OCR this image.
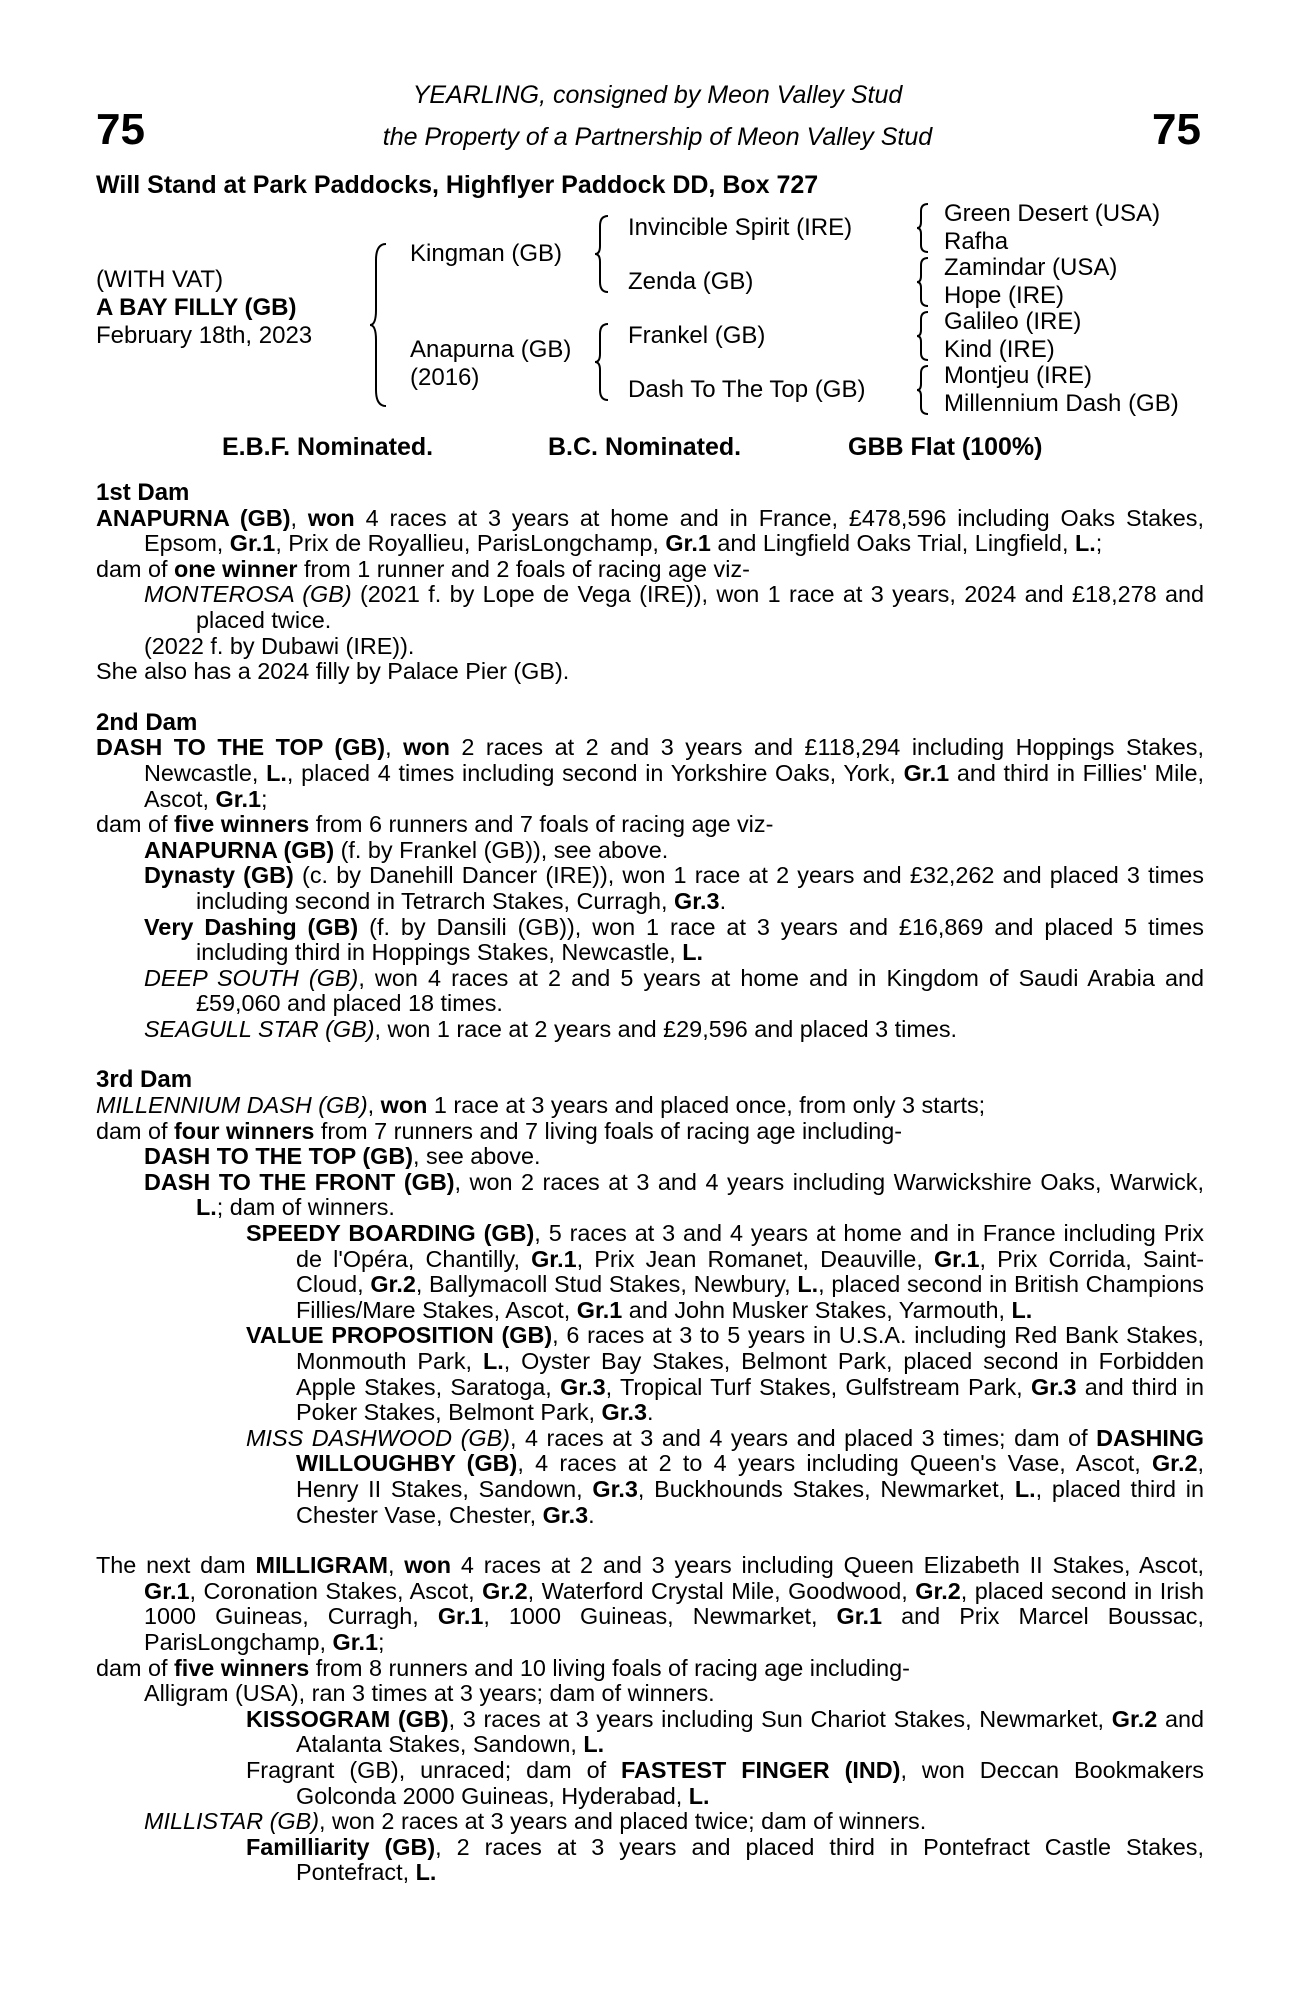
75	75
YEARLING, consigned by Meon Valley Stud
the Property of a Partnership of Meon Valley Stud
Will Stand at Park Paddocks, Highflyer Paddock DD, Box 727
(WITH VAT)
A BAY FILLY (GB)
February 18th, 2023
Kingman (GB)
Anapurna (GB)
(2016)
Invincible Spirit (IRE)
Zenda (GB)
Frankel (GB)
Dash To The Top (GB)
Green Desert (USA)
Rafha
Zamindar (USA)
Hope (IRE)
Galileo (IRE)
Kind (IRE)
Montjeu (IRE)
Millennium Dash (GB)
E.B.F. Nominated.	B.C. Nominated.	GBB Flat (100%)
1st Dam
ANAPURNA (GB), won 4 races at 3 years at home and in France, £478,596 including Oaks Stakes, Epsom, Gr.1, Prix de Royallieu, ParisLongchamp, Gr.1 and Lingfield Oaks Trial, Lingfield, L.;
dam of one winner from 1 runner and 2 foals of racing age viz-
MONTEROSA (GB) (2021 f. by Lope de Vega (IRE)), won 1 race at 3 years, 2024 and £18,278 and placed twice.
(2022 f. by Dubawi (IRE)).
She also has a 2024 filly by Palace Pier (GB).
2nd Dam
DASH TO THE TOP (GB), won 2 races at 2 and 3 years and £118,294 including Hoppings Stakes, Newcastle, L., placed 4 times including second in Yorkshire Oaks, York, Gr.1 and third in Fillies' Mile, Ascot, Gr.1;
dam of five winners from 6 runners and 7 foals of racing age viz-
ANAPURNA (GB) (f. by Frankel (GB)), see above.
Dynasty (GB) (c. by Danehill Dancer (IRE)), won 1 race at 2 years and £32,262 and placed 3 times including second in Tetrarch Stakes, Curragh, Gr.3.
Very Dashing (GB) (f. by Dansili (GB)), won 1 race at 3 years and £16,869 and placed 5 times including third in Hoppings Stakes, Newcastle, L.
DEEP SOUTH (GB), won 4 races at 2 and 5 years at home and in Kingdom of Saudi Arabia and £59,060 and placed 18 times.
SEAGULL STAR (GB), won 1 race at 2 years and £29,596 and placed 3 times.
3rd Dam
MILLENNIUM DASH (GB), won 1 race at 3 years and placed once, from only 3 starts;
dam of four winners from 7 runners and 7 living foals of racing age including-
DASH TO THE TOP (GB), see above.
DASH TO THE FRONT (GB), won 2 races at 3 and 4 years including Warwickshire Oaks, Warwick, L.; dam of winners.
SPEEDY BOARDING (GB), 5 races at 3 and 4 years at home and in France including Prix de l'Opéra, Chantilly, Gr.1, Prix Jean Romanet, Deauville, Gr.1, Prix Corrida, Saint-Cloud, Gr.2, Ballymacoll Stud Stakes, Newbury, L., placed second in British Champions Fillies/Mare Stakes, Ascot, Gr.1 and John Musker Stakes, Yarmouth, L.
VALUE PROPOSITION (GB), 6 races at 3 to 5 years in U.S.A. including Red Bank Stakes, Monmouth Park, L., Oyster Bay Stakes, Belmont Park, placed second in Forbidden Apple Stakes, Saratoga, Gr.3, Tropical Turf Stakes, Gulfstream Park, Gr.3 and third in Poker Stakes, Belmont Park, Gr.3.
MISS DASHWOOD (GB), 4 races at 3 and 4 years and placed 3 times; dam of DASHING WILLOUGHBY (GB), 4 races at 2 to 4 years including Queen's Vase, Ascot, Gr.2, Henry II Stakes, Sandown, Gr.3, Buckhounds Stakes, Newmarket, L., placed third in Chester Vase, Chester, Gr.3.
The next dam MILLIGRAM, won 4 races at 2 and 3 years including Queen Elizabeth II Stakes, Ascot, Gr.1, Coronation Stakes, Ascot, Gr.2, Waterford Crystal Mile, Goodwood, Gr.2, placed second in Irish 1000 Guineas, Curragh, Gr.1, 1000 Guineas, Newmarket, Gr.1 and Prix Marcel Boussac, ParisLongchamp, Gr.1;
dam of five winners from 8 runners and 10 living foals of racing age including-
Alligram (USA), ran 3 times at 3 years; dam of winners.
KISSOGRAM (GB), 3 races at 3 years including Sun Chariot Stakes, Newmarket, Gr.2 and Atalanta Stakes, Sandown, L.
Fragrant (GB), unraced; dam of FASTEST FINGER (IND), won Deccan Bookmakers Golconda 2000 Guineas, Hyderabad, L.
MILLISTAR (GB), won 2 races at 3 years and placed twice; dam of winners.
Familliarity (GB), 2 races at 3 years and placed third in Pontefract Castle Stakes, Pontefract, L.
